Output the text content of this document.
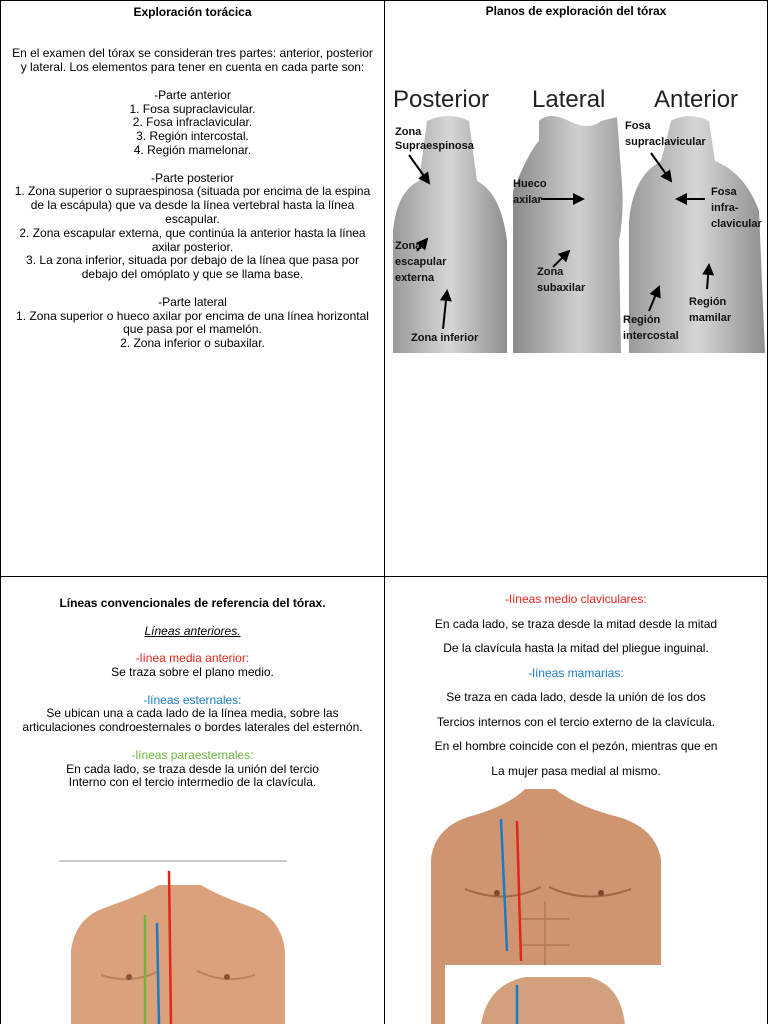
Exploración torácica

En el examen del tórax se consideran tres partes: anterior, posterior y lateral. Los elementos para tener en cuenta en cada parte son:

-Parte anterior

1. Fosa supraclavicular.

2. Fosa infraclavicular.

3. Región intercostal.

4. Región mamelonar.

-Parte posterior

1. Zona superior o supraespinosa (situada por encima de la espina de la escápula) que va desde la línea vertebral hasta la línea escapular.

2. Zona escapular externa, que continúa la anterior hasta la línea axilar posterior.

3. La zona inferior, situada por debajo de la línea que pasa por debajo del omóplato y que se llama base.

-Parte lateral

1. Zona superior o hueco axilar por encima de una línea horizontal que pasa por el mamelón.

2. Zona inferior o subaxilar.

Planos de exploración del tórax
Posterior Lateral Anterior
Zona
Supraespinosa
Zona
escapular
externa
Zona inferior
Hueco
axilar
Zona
subaxilar
Fosa
supraclavicular
Fosa
infra-
clavicular
Región
intercostal
Región
mamilar

Líneas convencionales de referencia del tórax.

Líneas anteriores.

-línea media anterior:

Se traza sobre el plano medio.

-líneas esternales:

Se ubican una a cada lado de la línea media, sobre las articulaciones condroesternales o bordes laterales del esternón.

-líneas paraesternales:

En cada lado, se traza desde la unión del tercio

Interno con el tercio intermedio de la clavícula.

-líneas medio claviculares:

En cada lado, se traza desde la mitad desde la mitad

De la clavícula hasta la mitad del pliegue inguinal.

-líneas mamarias:

Se traza en cada lado, desde la unión de los dos

Tercios internos con el tercio externo de la clavícula.

En el hombre coincide con el pezón, mientras que en

La mujer pasa medial al mismo.
